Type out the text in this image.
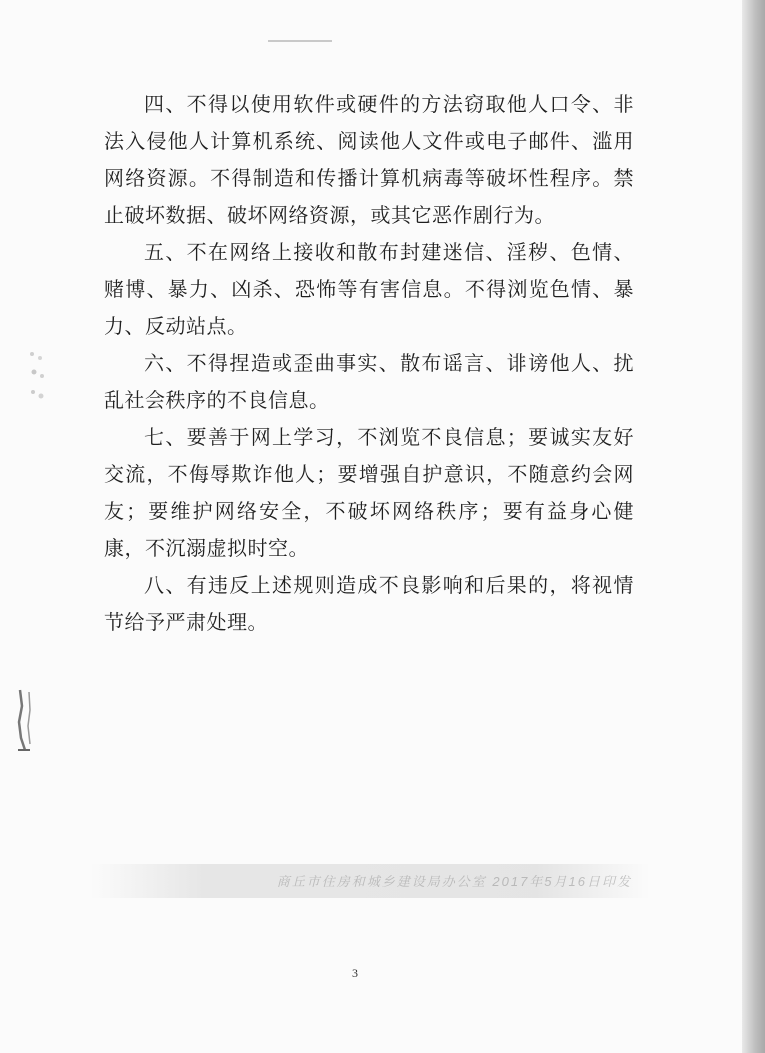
四、不得以使用软件或硬件的方法窃取他人口令、非法入侵他人计算机系统、阅读他人文件或电子邮件、滥用网络资源。不得制造和传播计算机病毒等破坏性程序。禁止破坏数据、破坏网络资源，或其它恶作剧行为。

五、不在网络上接收和散布封建迷信、淫秽、色情、赌博、暴力、凶杀、恐怖等有害信息。不得浏览色情、暴力、反动站点。

六、不得捏造或歪曲事实、散布谣言、诽谤他人、扰乱社会秩序的不良信息。

七、要善于网上学习，不浏览不良信息；要诚实友好交流，不侮辱欺诈他人；要增强自护意识，不随意约会网友；要维护网络安全，不破坏网络秩序；要有益身心健康，不沉溺虚拟时空。

八、有违反上述规则造成不良影响和后果的，将视情节给予严肃处理。

商丘市住房和城乡建设局办公室 2017年5月16日印发
3
